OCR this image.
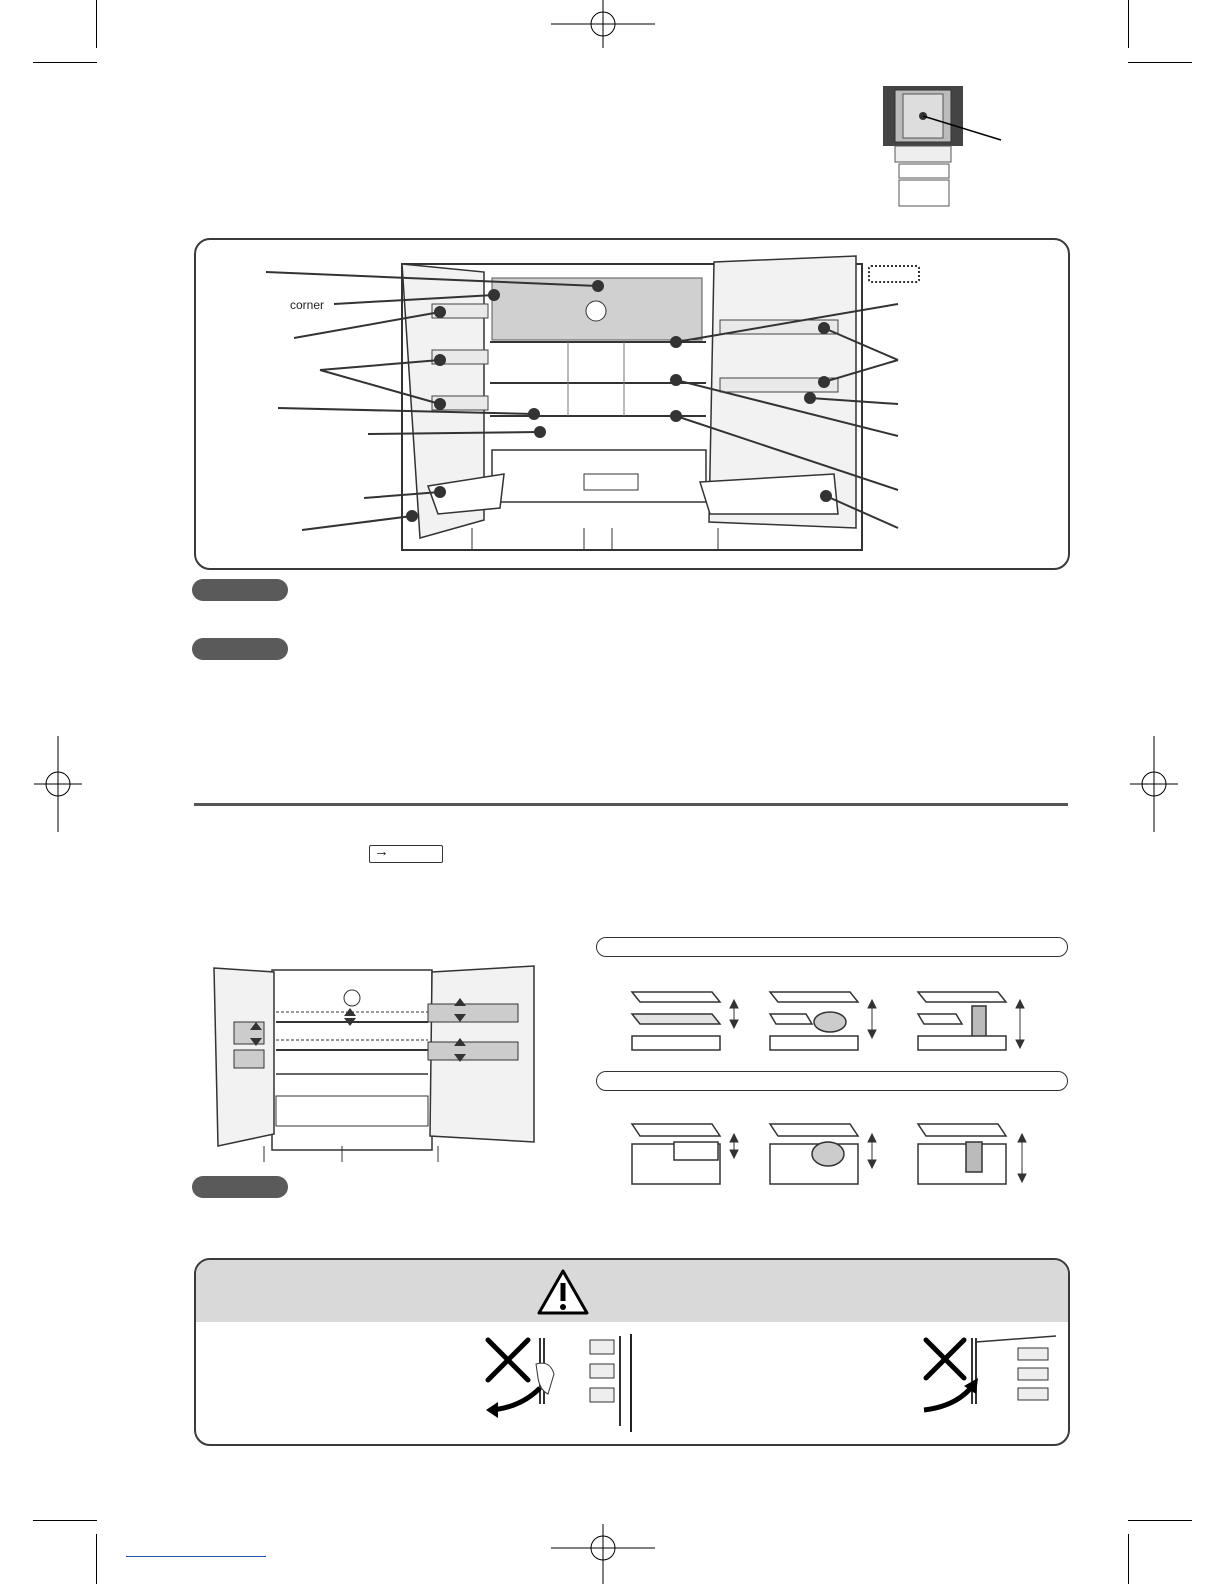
corner
→
